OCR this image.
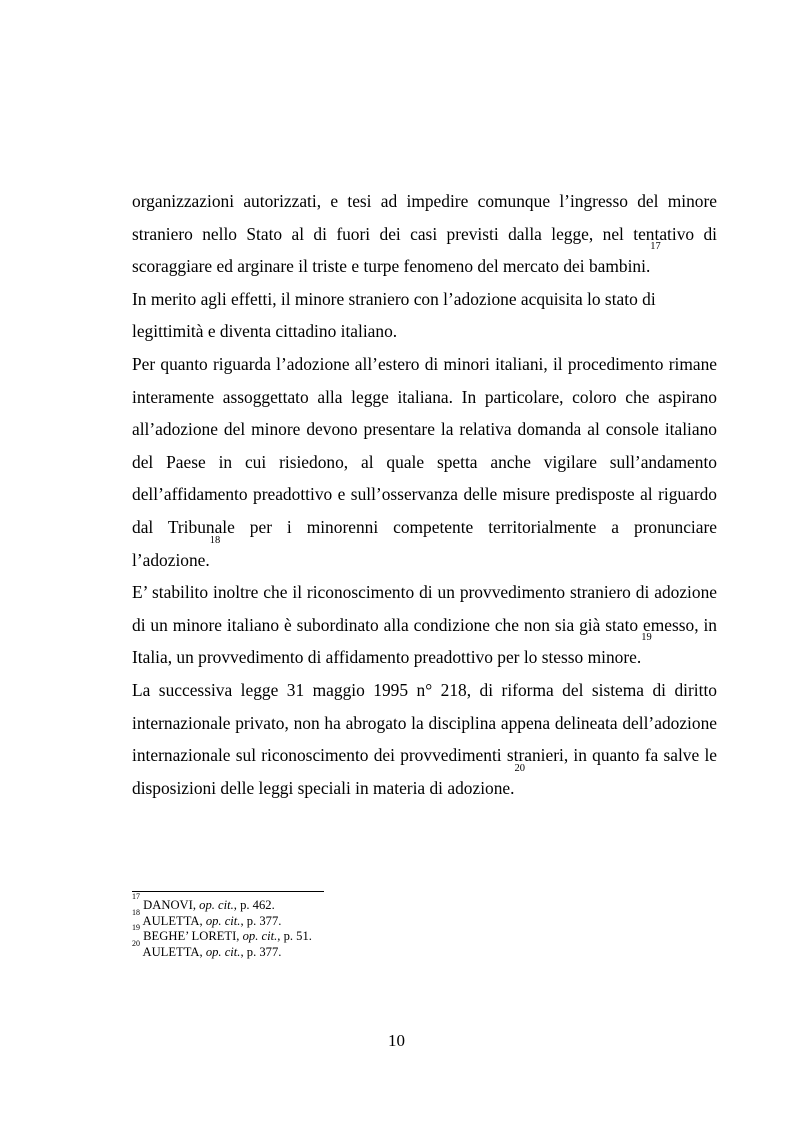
organizzazioni autorizzati, e tesi ad impedire comunque l’ingresso del minore straniero nello Stato al di fuori dei casi previsti dalla legge, nel tentativo di scoraggiare ed arginare il triste e turpe fenomeno del mercato dei bambini.$^{17}$

In merito agli effetti, il minore straniero con l’adozione acquisita lo stato di legittimità e diventa cittadino italiano.

Per quanto riguarda l’adozione all’estero di minori italiani, il procedimento rimane interamente assoggettato alla legge italiana. In particolare, coloro che aspirano all’adozione del minore devono presentare la relativa domanda al console italiano del Paese in cui risiedono, al quale spetta anche vigilare sull’andamento dell’affidamento preadottivo e sull’osservanza delle misure predisposte al riguardo dal Tribunale per i minorenni competente territorialmente a pronunciare l’adozione.$^{18}$

E’ stabilito inoltre che il riconoscimento di un provvedimento straniero di adozione di un minore italiano è subordinato alla condizione che non sia già stato emesso, in Italia, un provvedimento di affidamento preadottivo per lo stesso minore.$^{19}$

La successiva legge 31 maggio 1995 n° 218, di riforma del sistema di diritto internazionale privato, non ha abrogato la disciplina appena delineata dell’adozione internazionale sul riconoscimento dei provvedimenti stranieri, in quanto fa salve le disposizioni delle leggi speciali in materia di adozione.$^{20}$

$^{17}$ DANOVI, op. cit., p. 462.
$^{18}$ AULETTA, op. cit., p. 377.
$^{19}$ BEGHE’ LORETI, op. cit., p. 51.
$^{20}$ AULETTA, op. cit., p. 377.
10
